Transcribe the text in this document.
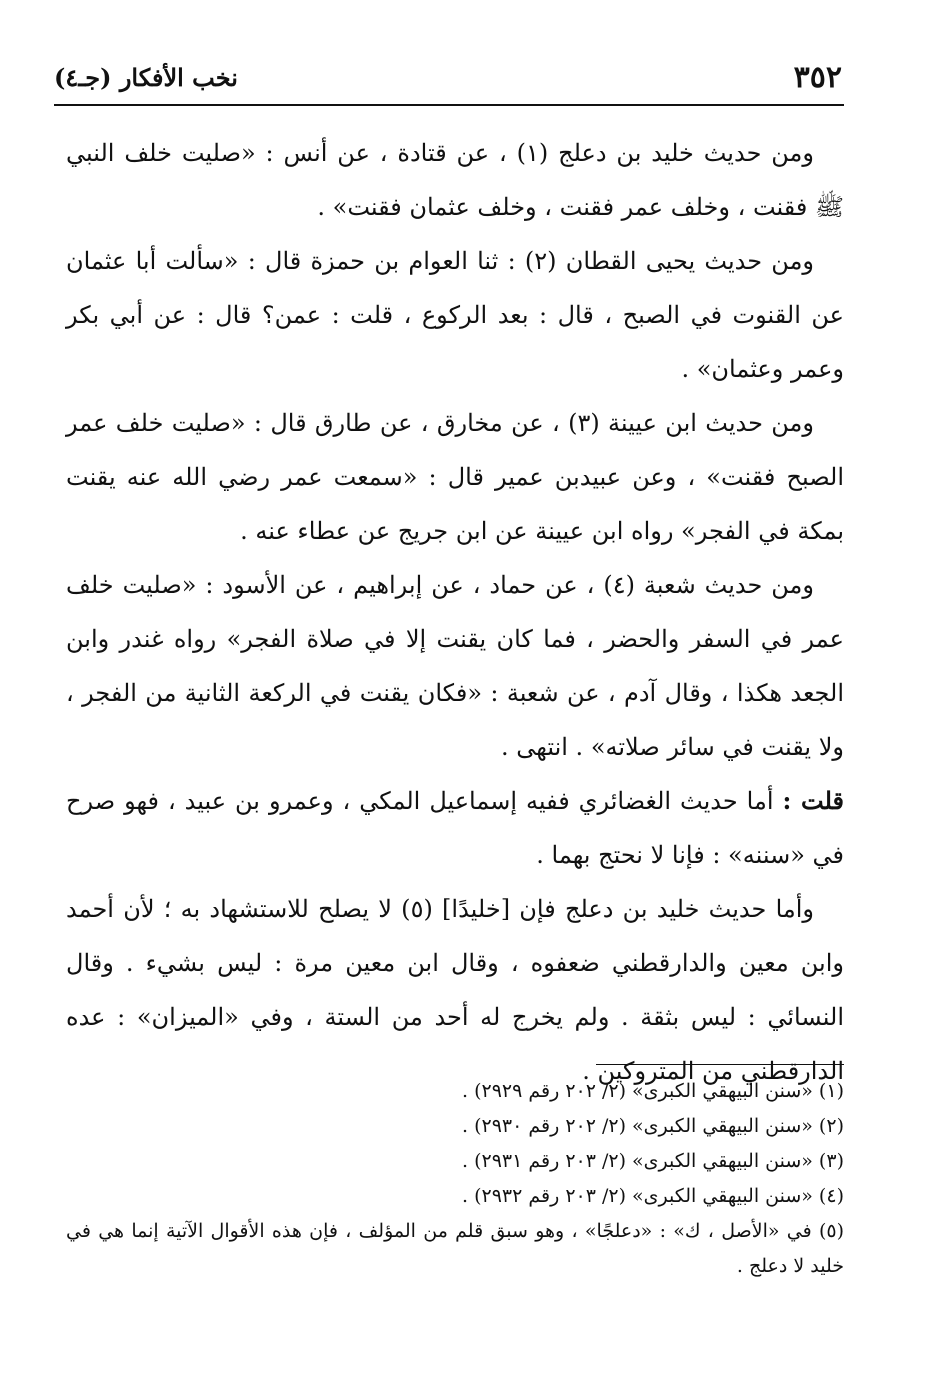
٣٥٢
نخب الأفكار (جـ٤)

ومن حديث خليد بن دعلج (١) ، عن قتادة ، عن أنس : «صليت خلف النبي ﷺ فقنت ، وخلف عمر فقنت ، وخلف عثمان فقنت» .

ومن حديث يحيى القطان (٢) : ثنا العوام بن حمزة قال : «سألت أبا عثمان عن القنوت في الصبح ، قال : بعد الركوع ، قلت : عمن؟ قال : عن أبي بكر وعمر وعثمان» .

ومن حديث ابن عيينة (٣) ، عن مخارق ، عن طارق قال : «صليت خلف عمر الصبح فقنت» ، وعن عبيدبن عمير قال : «سمعت عمر رضي الله عنه يقنت بمكة في الفجر» رواه ابن عيينة عن ابن جريج عن عطاء عنه .

ومن حديث شعبة (٤) ، عن حماد ، عن إبراهيم ، عن الأسود : «صليت خلف عمر في السفر والحضر ، فما كان يقنت إلا في صلاة الفجر» رواه غندر وابن الجعد هكذا ، وقال آدم ، عن شعبة : «فكان يقنت في الركعة الثانية من الفجر ، ولا يقنت في سائر صلاته» . انتهى .

قلت : أما حديث الغضائري ففيه إسماعيل المكي ، وعمرو بن عبيد ، فهو صرح في «سننه» : فإنا لا نحتج بهما .

وأما حديث خليد بن دعلج فإن [خليدًا] (٥) لا يصلح للاستشهاد به ؛ لأن أحمد وابن معين والدارقطني ضعفوه ، وقال ابن معين مرة : ليس بشيء . وقال النسائي : ليس بثقة . ولم يخرج له أحد من الستة ، وفي «الميزان» : عده الدارقطني من المتروكين .

(١) «سنن البيهقي الكبرى» (٢/ ٢٠٢ رقم ٢٩٢٩) .

(٢) «سنن البيهقي الكبرى» (٢/ ٢٠٢ رقم ٢٩٣٠) .

(٣) «سنن البيهقي الكبرى» (٢/ ٢٠٣ رقم ٢٩٣١) .

(٤) «سنن البيهقي الكبرى» (٢/ ٢٠٣ رقم ٢٩٣٢) .

(٥) في «الأصل ، ك» : «دعلجًا» ، وهو سبق قلم من المؤلف ، فإن هذه الأقوال الآتية إنما هي في خليد لا دعلج .
